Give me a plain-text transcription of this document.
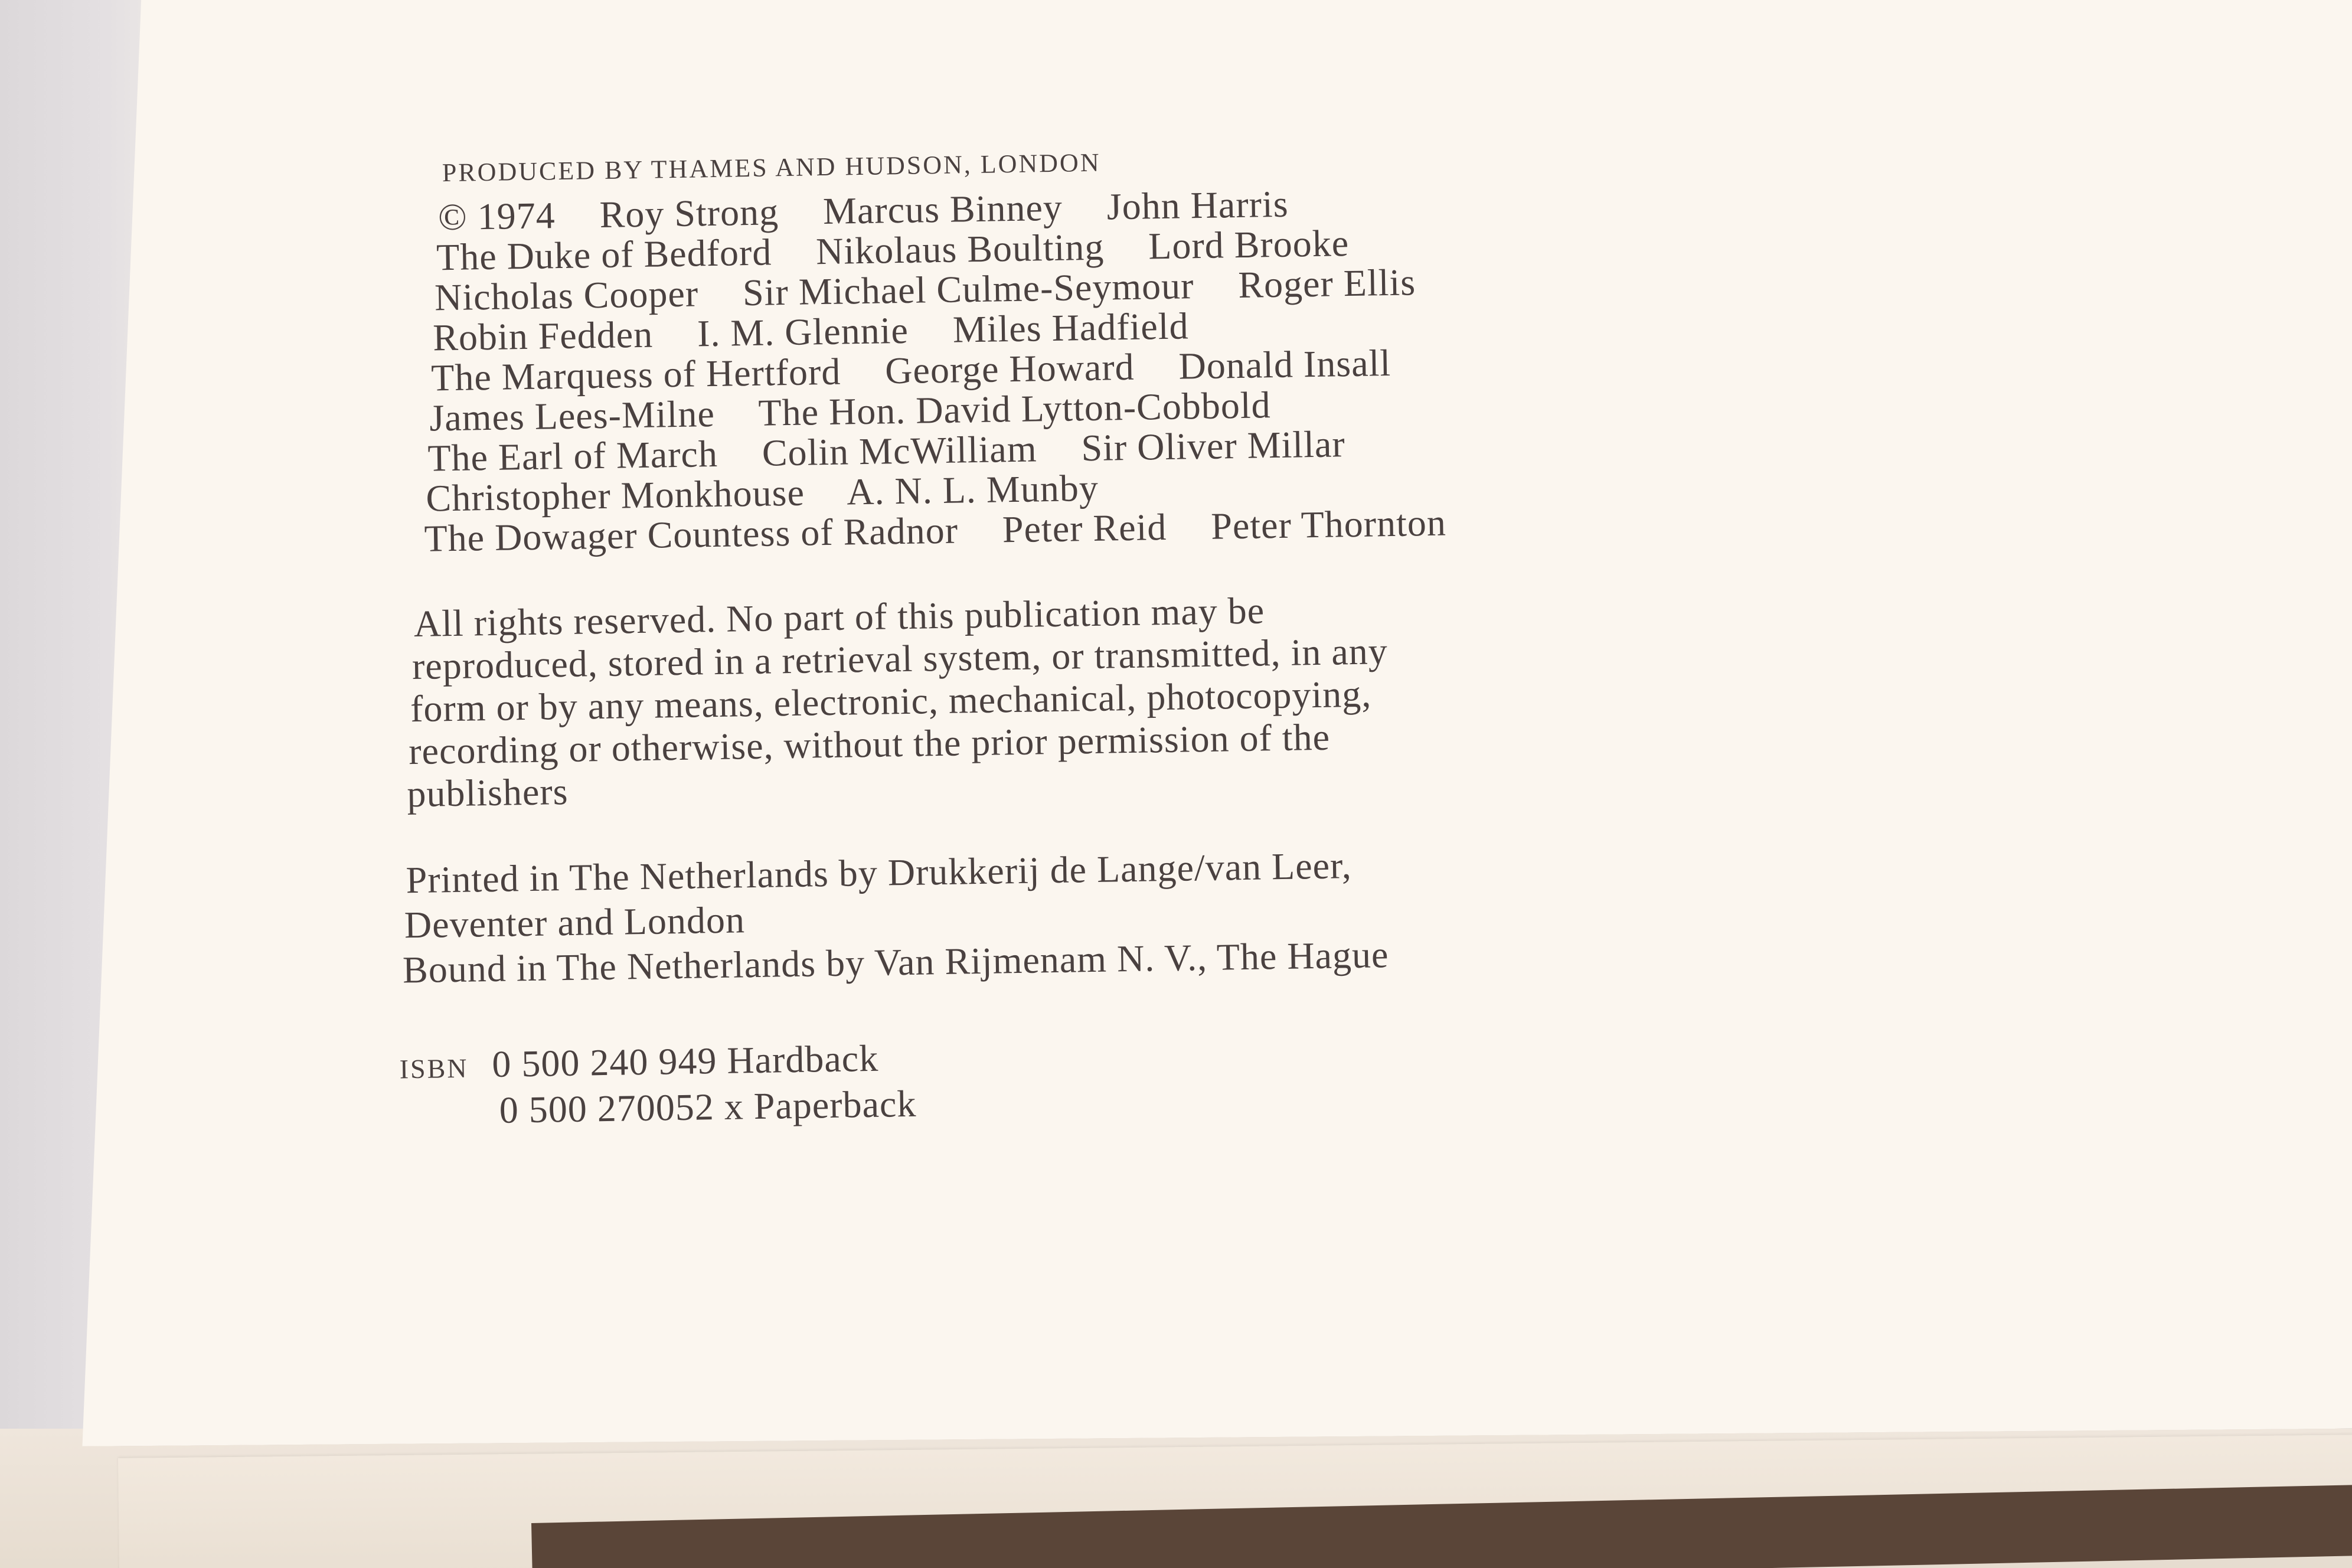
PRODUCED BY THAMES AND HUDSON, LONDON
© 1974 Roy Strong Marcus Binney John Harris
The Duke of Bedford Nikolaus Boulting Lord Brooke
Nicholas Cooper Sir Michael Culme-Seymour Roger Ellis
Robin Fedden I. M. Glennie Miles Hadfield
The Marquess of Hertford George Howard Donald Insall
James Lees-Milne The Hon. David Lytton-Cobbold
The Earl of March Colin McWilliam Sir Oliver Millar
Christopher Monkhouse A. N. L. Munby
The Dowager Countess of Radnor Peter Reid Peter Thornton
All rights reserved. No part of this publication may be
reproduced, stored in a retrieval system, or transmitted, in any
form or by any means, electronic, mechanical, photocopying,
recording or otherwise, without the prior permission of the
publishers
Printed in The Netherlands by Drukkerij de Lange/van Leer,
Deventer and London
Bound in The Netherlands by Van Rijmenam N. V., The Hague
ISBN 0 500 240 949 Hardback
0 500 270052 x Paperback
